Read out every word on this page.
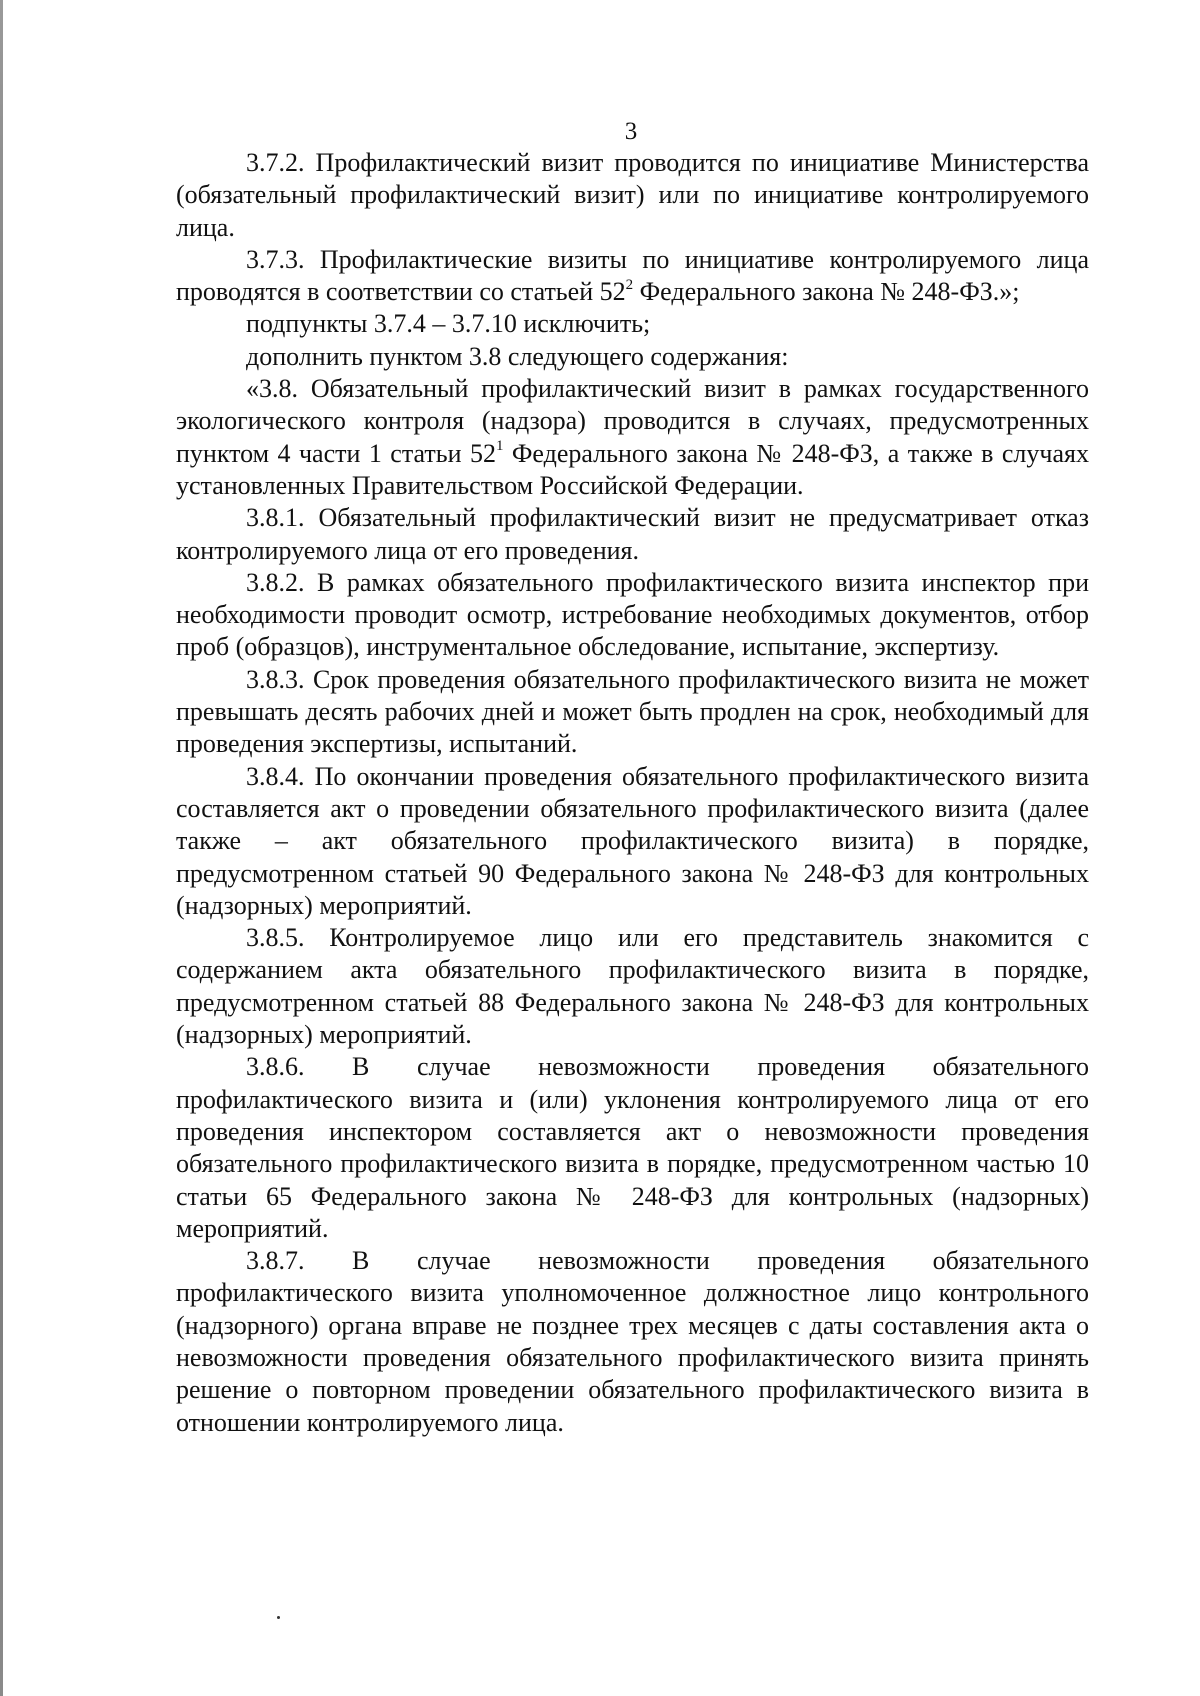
3

3.7.2. Профилактический визит проводится по инициативе Министерства (обязательный профилактический визит) или по инициативе контролируемого лица.

3.7.3. Профилактические визиты по инициативе контролируемого лица проводятся в соответствии со статьей $52^2$ Федерального закона № 248-ФЗ.»;

подпункты 3.7.4 – 3.7.10 исключить;

дополнить пунктом 3.8 следующего содержания:

«3.8. Обязательный профилактический визит в рамках государственного экологического контроля (надзора) проводится в случаях, предусмотренных пунктом 4 части 1 статьи $52^1$ Федерального закона № 248-ФЗ, а также в случаях установленных Правительством Российской Федерации.

3.8.1. Обязательный профилактический визит не предусматривает отказ контролируемого лица от его проведения.

3.8.2. В рамках обязательного профилактического визита инспектор при необходимости проводит осмотр, истребование необходимых документов, отбор проб (образцов), инструментальное обследование, испытание, экспертизу.

3.8.3. Срок проведения обязательного профилактического визита не может превышать десять рабочих дней и может быть продлен на срок, необходимый для проведения экспертизы, испытаний.

3.8.4. По окончании проведения обязательного профилактического визита составляется акт о проведении обязательного профилактического визита (далее также – акт обязательного профилактического визита) в порядке, предусмотренном статьей 90 Федерального закона № 248-ФЗ для контрольных (надзорных) мероприятий.

3.8.5. Контролируемое лицо или его представитель знакомится с содержанием акта обязательного профилактического визита в порядке, предусмотренном статьей 88 Федерального закона № 248-ФЗ для контрольных (надзорных) мероприятий.

3.8.6. В случае невозможности проведения обязательного профилактического визита и (или) уклонения контролируемого лица от его проведения инспектором составляется акт о невозможности проведения обязательного профилактического визита в порядке, предусмотренном частью 10 статьи 65 Федерального закона № 248-ФЗ для контрольных (надзорных) мероприятий.

3.8.7. В случае невозможности проведения обязательного профилактического визита уполномоченное должностное лицо контрольного (надзорного) органа вправе не позднее трех месяцев с даты составления акта о невозможности проведения обязательного профилактического визита принять решение о повторном проведении обязательного профилактического визита в отношении контролируемого лица.
